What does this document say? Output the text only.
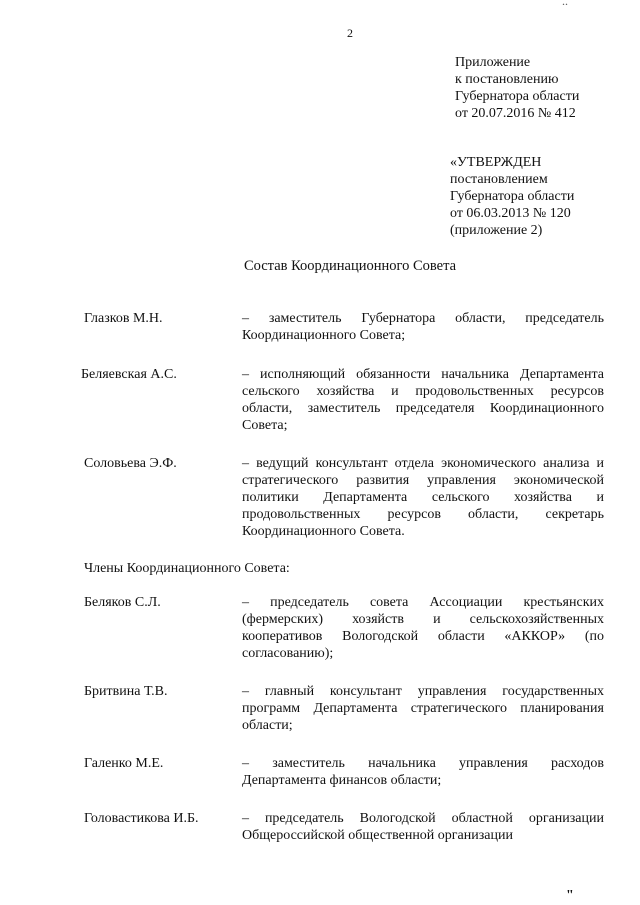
..
2
Приложение
к постановлению
Губернатора области
от 20.07.2016 № 412
«УТВЕРЖДЕН
постановлением
Губернатора области
от 06.03.2013 № 120
(приложение 2)
Состав Координационного Совета
Глазков М.Н.	– заместитель Губернатора области, председатель Координационного Совета;
Беляевская А.С.	– исполняющий обязанности начальника Департамента сельского хозяйства и продовольственных ресурсов области, заместитель председателя Координационного Совета;
Соловьева Э.Ф.	– ведущий консультант отдела экономического анализа и стратегического развития управления экономической политики Департамента сельского хозяйства и продовольственных ресурсов области, секретарь Координационного Совета.
Члены Координационного Совета:
Беляков С.Л.	– председатель совета Ассоциации крестьянских (фермерских) хозяйств и сельскохозяйственных кооперативов Вологодской области «АККОР» (по согласованию);
Бритвина Т.В.	– главный консультант управления государственных программ Департамента стратегического планирования области;
Галенко М.Е.	– заместитель начальника управления расходов Департамента финансов области;
Головастикова И.Б.	– председатель Вологодской областной организации Общероссийской общественной организации
"
